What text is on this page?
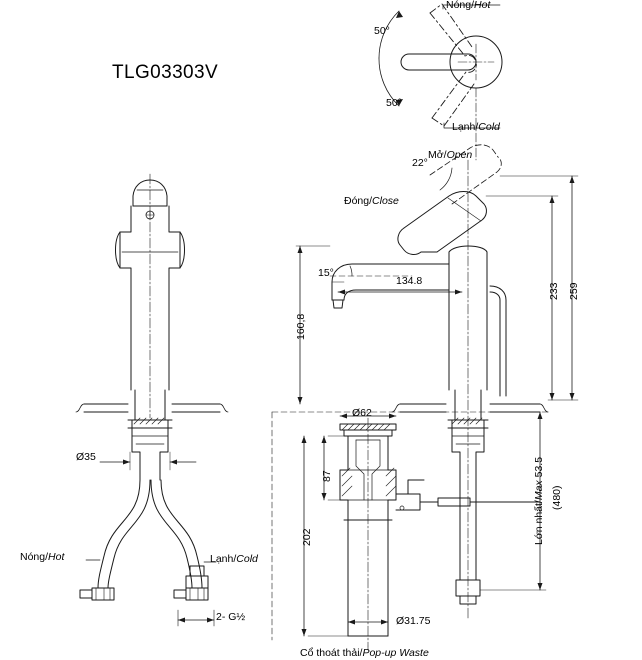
TLG03303V
Nóng/Hot
Lạnh/Cold
50°
50°
Mở/Open
Đóng/Close
22°
15°
134.8
160,8
233 259
Ø35
Nóng/Hot	Lạnh/Cold
2- G½
Ø62
Ø31.75
87
202	Lớn nhất/Max 53.5
(480)
Cổ thoát thải/Pop-up Waste
